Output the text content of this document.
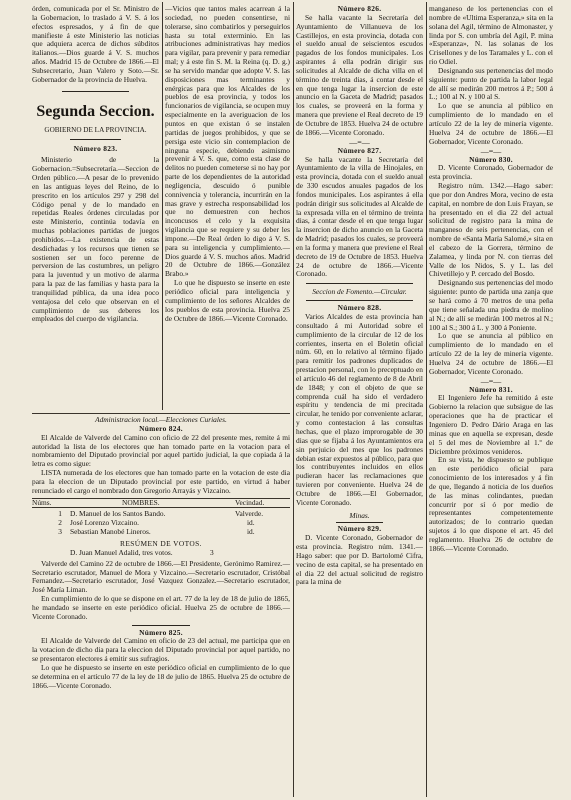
órden, comunicada por el Sr. Ministro de la Gobernacion, lo traslado á V. S. á los efectos espresados, y á fin de que manifieste á este Ministerio las noticias que adquiera acerca de dichos súbditos italianos.—Dios guarde á V. S. muchos años. Madrid 15 de Octubre de 1866.—El Subsecretario, Juan Valero y Soto.—Sr. Gobernador de la provincia de Huelva.

Segunda Seccion.
GOBIERNO DE LA PROVINCIA.
Número 823.

Ministerio de la Gobernacion.=Subsecretaría.—Seccion de Orden público.—A pesar de lo prevenido en las antiguas leyes del Reino, de lo prescrito en los artículos 297 y 298 del Código penal y de lo mandado en repetidas Reales órdenes circuladas por este Ministerio, continúa todavía en muchas poblaciones partidas de juegos prohibidos.—La existencia de estas desdichadas y los recursos que tienen se sostienen ser un foco perenne de perversion de las costumbres, un peligro para la juventud y un motivo de alarma para la paz de las familias y hasta para la tranquilidad pública, da una idea poco ventajosa del celo que observan en el cumplimiento de sus deberes los empleados del cuerpo de vigilancia.

—Vicios que tantos males acarrean á la sociedad, no pueden consentirse, ni tolerarse, sino combatirlos y perseguirlos hasta su total exterminio. En las atribuciones administrativas hay medios para vigilar, para prevenir y para remediar mal; y á este fin S. M. la Reina (q. D. g.) se ha servido mandar que adopte V. S. las disposiciones mas terminantes y enérgicas para que los Alcaldes de los pueblos de esa provincia, y todos los funcionarios de vigilancia, se ocupen muy especialmente en la averiguacion de los puntos en que existan ó se instalen partidas de juegos prohibidos, y que se persiga este vicio sin contemplacion de ninguna especie, debiendo asimismo prevenir á V. S. que, como esta clase de delitos no pueden cometerse si no hay por parte de los dependientes de la autoridad negligencia, descuido ó punible connivencia y tolerancia, incurrirán en la mas grave y estrecha responsabilidad los que no demuestren con hechos inconcusos el celo y la exquisita vigilancia que se requiere y su deber les impone.—De Real órden lo digo á V. S. para su inteligencia y cumplimiento.—Dios guarde á V. S. muchos años. Madrid 20 de Octubre de 1866.—González Brabo.»

Lo que he dispuesto se inserte en este periódico oficial para inteligencia y cumplimiento de los señores Alcaldes de los pueblos de esta provincia. Huelva 25 de Octubre de 1866.—Vicente Coronado.

Administracion local.—Elecciones Curiales.
Número 824.

El Alcalde de Valverde del Camino con oficio de 22 del presente mes, remite á mi autoridad la lista de los electores que han tomado parte en la votacion para el nombramiento del Diputado provincial por aquel partido judicial, la que copiada á la letra es como sigue:

LISTA numerada de los electores que han tomado parte en la votacion de este dia para la eleccion de un Diputado provincial por este partido, en virtud á haber renunciado el cargo el nombrado don Gregorio Arrayás y Vizcaino.

Núms.	NOMBRES.	Vecindad.
1	D. Manuel de los Santos Bando.	Valverde.
2	José Lorenzo Vizcaino.	id.
3	Sebastian Manobé Lineros.	id.
RESÚMEN DE VOTOS.
D. Juan Manuel Adalid, tres votos.	3

Valverde del Camino 22 de octubre de 1866.—El Presidente, Gerónimo Ramirez.—Secretario escrutador, Manuel de Mora y Vizcaino.—Secretario escrutador, Cristóbal Fernandez.—Secretario escrutador, José Vazquez Gonzalez.—Secretario escrutador, José María Liman.

En cumplimiento de lo que se dispone en el art. 77 de la ley de 18 de julio de 1865, he mandado se inserte en este periódico oficial. Huelva 25 de octubre de 1866.—Vicente Coronado.

Número 825.

El Alcalde de Valverde del Camino en oficio de 23 del actual, me participa que en la votacion de dicho dia para la eleccion del Diputado provincial por aquel partido, no se presentaron electores á emitir sus sufragios.

Lo que he dispuesto se inserte en este periódico oficial en cumplimiento de lo que se determina en el artículo 77 de la ley de 18 de julio de 1865. Huelva 25 de octubre de 1866.—Vicente Coronado.

Número 826.

Se halla vacante la Secretaría del Ayuntamiento de Villanueva de los Castillejos, en esta provincia, dotada con el sueldo anual de seiscientos escudos pagados de los fondos municipales. Los aspirantes á ella podrán dirigir sus solicitudes al Alcalde de dicha villa en el término de treinta dias, á contar desde el en que tenga lugar la insercion de este anuncio en la Gaceta de Madrid; pasados los cuales, se proveerá en la forma y manera que previene el Real decreto de 19 de Octubre de 1853. Huelva 24 de octubre de 1866.—Vicente Coronado.

—=—
Número 827.

Se halla vacante la Secretaría del Ayuntamiento de la villa de Hinojales, en esta provincia, dotada con el sueldo anual de 330 escudos anuales pagados de los fondos municipales. Los aspirantes á ella podrán dirigir sus solicitudes al Alcalde de la expresada villa en el término de treinta dias, á contar desde el en que tenga lugar la insercion de dicho anuncio en la Gaceta de Madrid; pasados los cuales, se proveerá en la forma y manera que previene el Real decreto de 19 de Octubre de 1853. Huelva 24 de octubre de 1866.—Vicente Coronado.

Seccion de Fomento.—Circular.
Número 828.

Varios Alcaldes de esta provincia han consultado á mi Autoridad sobre el cumplimiento de la circular de 12 de los corrientes, inserta en el Boletin oficial núm. 60, en lo relativo al término fijado para remitir los padrones duplicados de prestacion personal, con lo preceptuado en el artículo 46 del reglamento de 8 de Abril de 1848; y con el objeto de que se comprenda cuál ha sido el verdadero espíritu y tendencia de mi precitada circular, he tenido por conveniente aclarar, y como contestacion á las consultas hechas, que el plazo improrogable de 30 dias que se fijaba á los Ayuntamientos era sin perjuicio del mes que los padrones debian estar expuestos al público, para que los contribuyentes incluidos en ellos pudieran hacer las reclamaciones que tuvieren por conveniente. Huelva 24 de Octubre de 1866.—El Gobernador, Vicente Coronado.

Minas.
Número 829.

D. Vicente Coronado, Gobernador de esta provincia. Registro núm. 1341.—Hago saber: que por D. Bartolomé Cifra, vecino de esta capital, se ha presentado en el dia 22 del actual solicitud de registro para la mina de

manganeso de los pertenencias con el nombre de «Ultima Esperanza,» sita en la solana del Agil, término de Almonaster, y linda por S. con umbría del Agil, P. mina «Esperanza», N. las solanas de los Crisellones y de los Taramales y L. con el rio Odiel.

Designando sus pertenencias del modo siguiente: punto de partida la labor legal de allí se medirán 200 metros á P.; 500 á L.; 100 al N. y 100 al S.

Lo que se anuncia al público en cumplimiento de lo mandado en el artículo 22 de la ley de minería vigente. Huelva 24 de octubre de 1866.—El Gobernador, Vicente Coronado.

—=—
Número 830.

D. Vicente Coronado, Gobernador de esta provincia.

Registro núm. 1342.—Hago saber: que por don Andres Mora, vecino de esta capital, en nombre de don Luis Frayan, se ha presentado en el dia 22 del actual solicitud de registro para la mina de manganeso de seis pertenencias, con el nombre de «Santa María Salomé,» sita en el cabezo de la Gorrera, término de Zalamea, y linda por N. con tierras del Valle de los Nidos, S. y L. las del Chivetillejo y P. cercado del Bosdo.

Designando sus pertenencias del modo siguiente: punto de partida una zanja que se hará como á 70 metros de una peña que tiene señalada una piedra de molino al N.; de allí se medirán 100 metros al N.; 100 al S.; 300 á L. y 300 á Poniente.

Lo que se anuncia al público en cumplimiento de lo mandado en el artículo 22 de la ley de minería vigente. Huelva 24 de octubre de 1866.—El Gobernador, Vicente Coronado.

—=—
Número 831.

El Ingeniero Jefe ha remitido á este Gobierno la relacion que subsigue de las operaciones que ha de practicar el Ingeniero D. Pedro Dário Araga en las minas que en aquella se expresan, desde el 5 del mes de Noviembre al 1.º de Diciembre próximos venideros.

En su vista, he dispuesto se publique en este periódico oficial para conocimiento de los interesados y á fin de que, llegando á noticia de los dueños de las minas colindantes, puedan concurrir por sí ó por medio de representantes competentemente autorizados; de lo contrario quedan sujetos á lo que dispone el art. 45 del reglamento. Huelva 26 de octubre de 1866.—Vicente Coronado.
